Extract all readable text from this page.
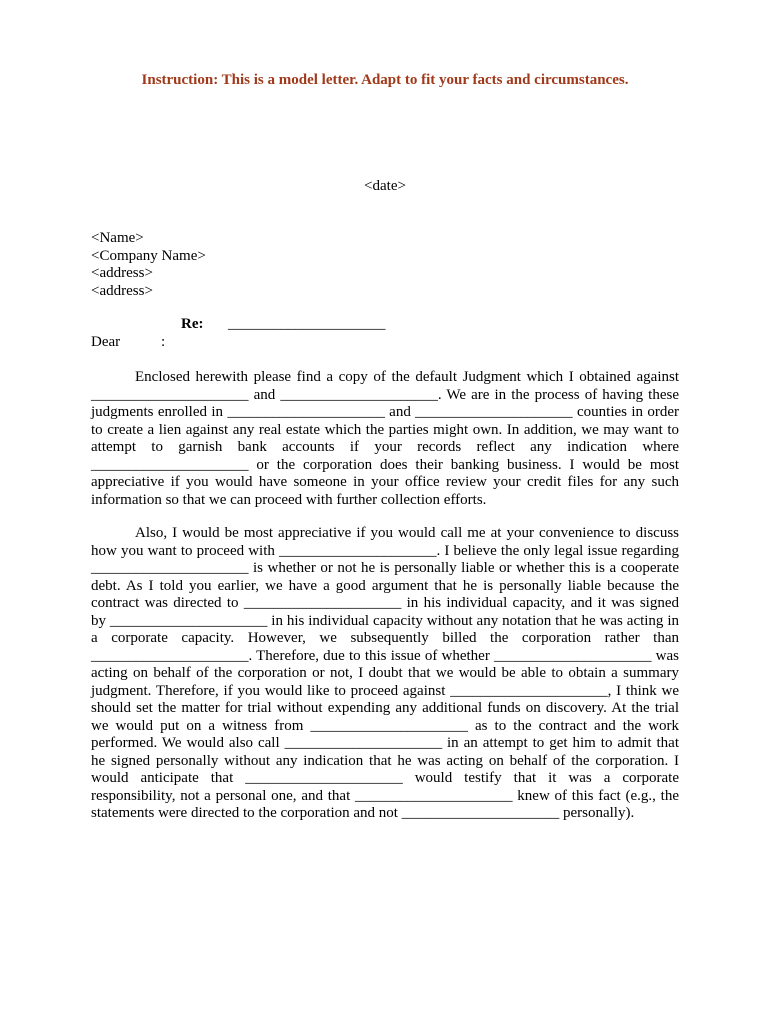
Instruction: This is a model letter. Adapt to fit your facts and circumstances.
<date>
<Name>
<Company Name>
<address>
<address>
Re: _____________________
Dear	:
Enclosed herewith please find a copy of the default Judgment which I obtained against _____________________ and _____________________. We are in the process of having these judgments enrolled in _____________________ and _____________________ counties in order to create a lien against any real estate which the parties might own. In addition, we may want to attempt to garnish bank accounts if your records reflect any indication where _____________________ or the corporation does their banking business. I would be most appreciative if you would have someone in your office review your credit files for any such information so that we can proceed with further collection efforts.
Also, I would be most appreciative if you would call me at your convenience to discuss how you want to proceed with _____________________. I believe the only legal issue regarding _____________________ is whether or not he is personally liable or whether this is a cooperate debt. As I told you earlier, we have a good argument that he is personally liable because the contract was directed to _____________________ in his individual capacity, and it was signed by _____________________ in his individual capacity without any notation that he was acting in a corporate capacity. However, we subsequently billed the corporation rather than _____________________. Therefore, due to this issue of whether _____________________ was acting on behalf of the corporation or not, I doubt that we would be able to obtain a summary judgment. Therefore, if you would like to proceed against _____________________, I think we should set the matter for trial without expending any additional funds on discovery. At the trial we would put on a witness from _____________________ as to the contract and the work performed. We would also call _____________________ in an attempt to get him to admit that he signed personally without any indication that he was acting on behalf of the corporation. I would anticipate that _____________________ would testify that it was a corporate responsibility, not a personal one, and that _____________________ knew of this fact (e.g., the statements were directed to the corporation and not _____________________ personally).
